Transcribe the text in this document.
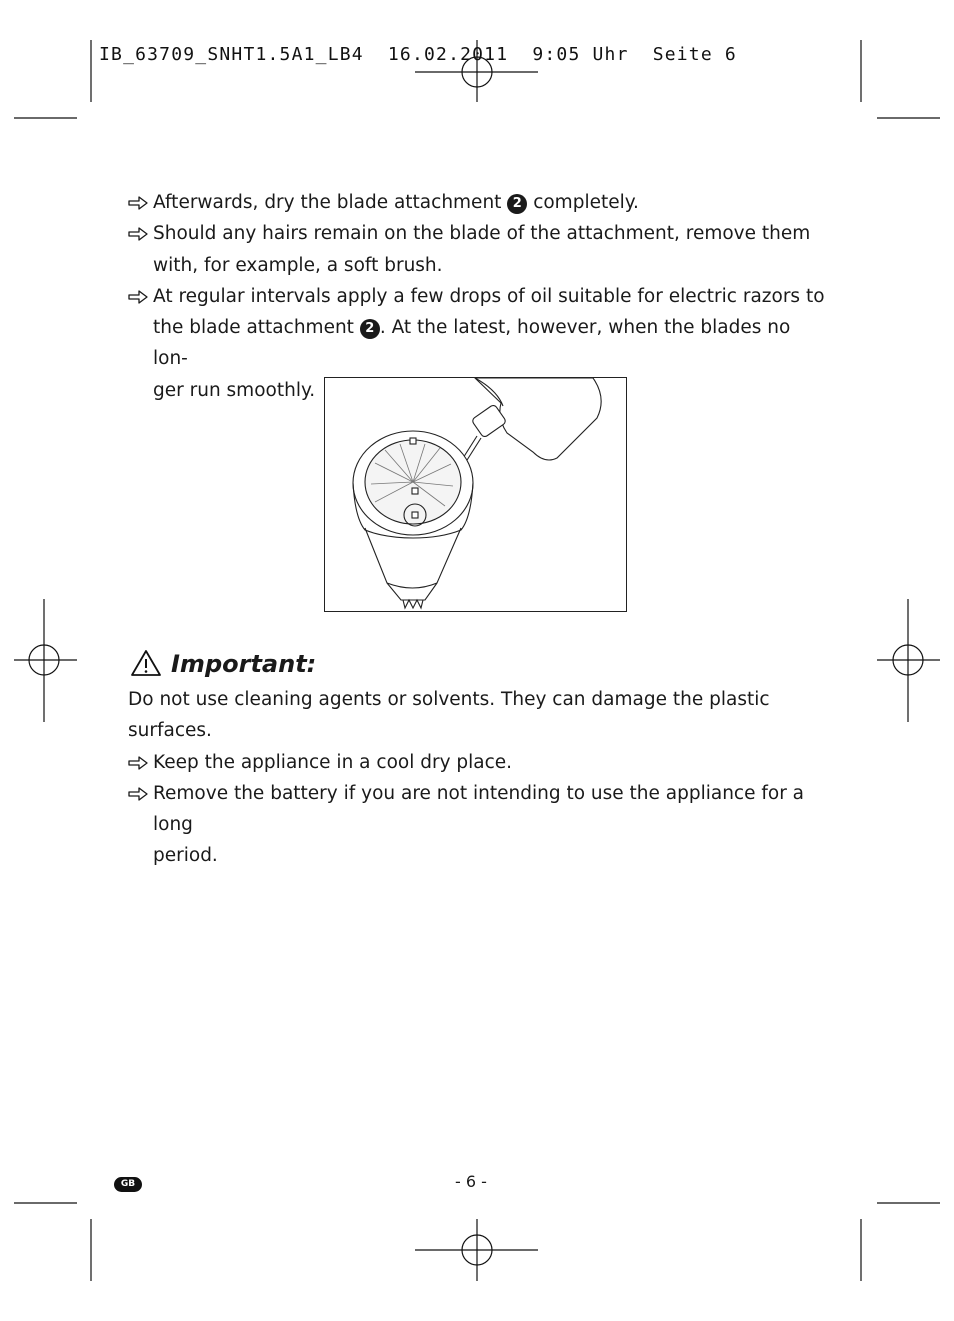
IB_63709_SNHT1.5A1_LB4  16.02.2011  9:05 Uhr  Seite 6
Afterwards, dry the blade attachment 2 completely.
Should any hairs remain on the blade of the attachment, remove them
with, for example, a soft brush.
At regular intervals apply a few drops of oil suitable for electric razors to
the blade attachment 2 . At the latest, however, when the blades no lon-
ger run smoothly.
Important:
Do not use cleaning agents or solvents. They can damage the plastic
surfaces.
Keep the appliance in a cool dry place.
Remove the battery if you are not intending to use the appliance for a long
period.
GB	- 6 -
